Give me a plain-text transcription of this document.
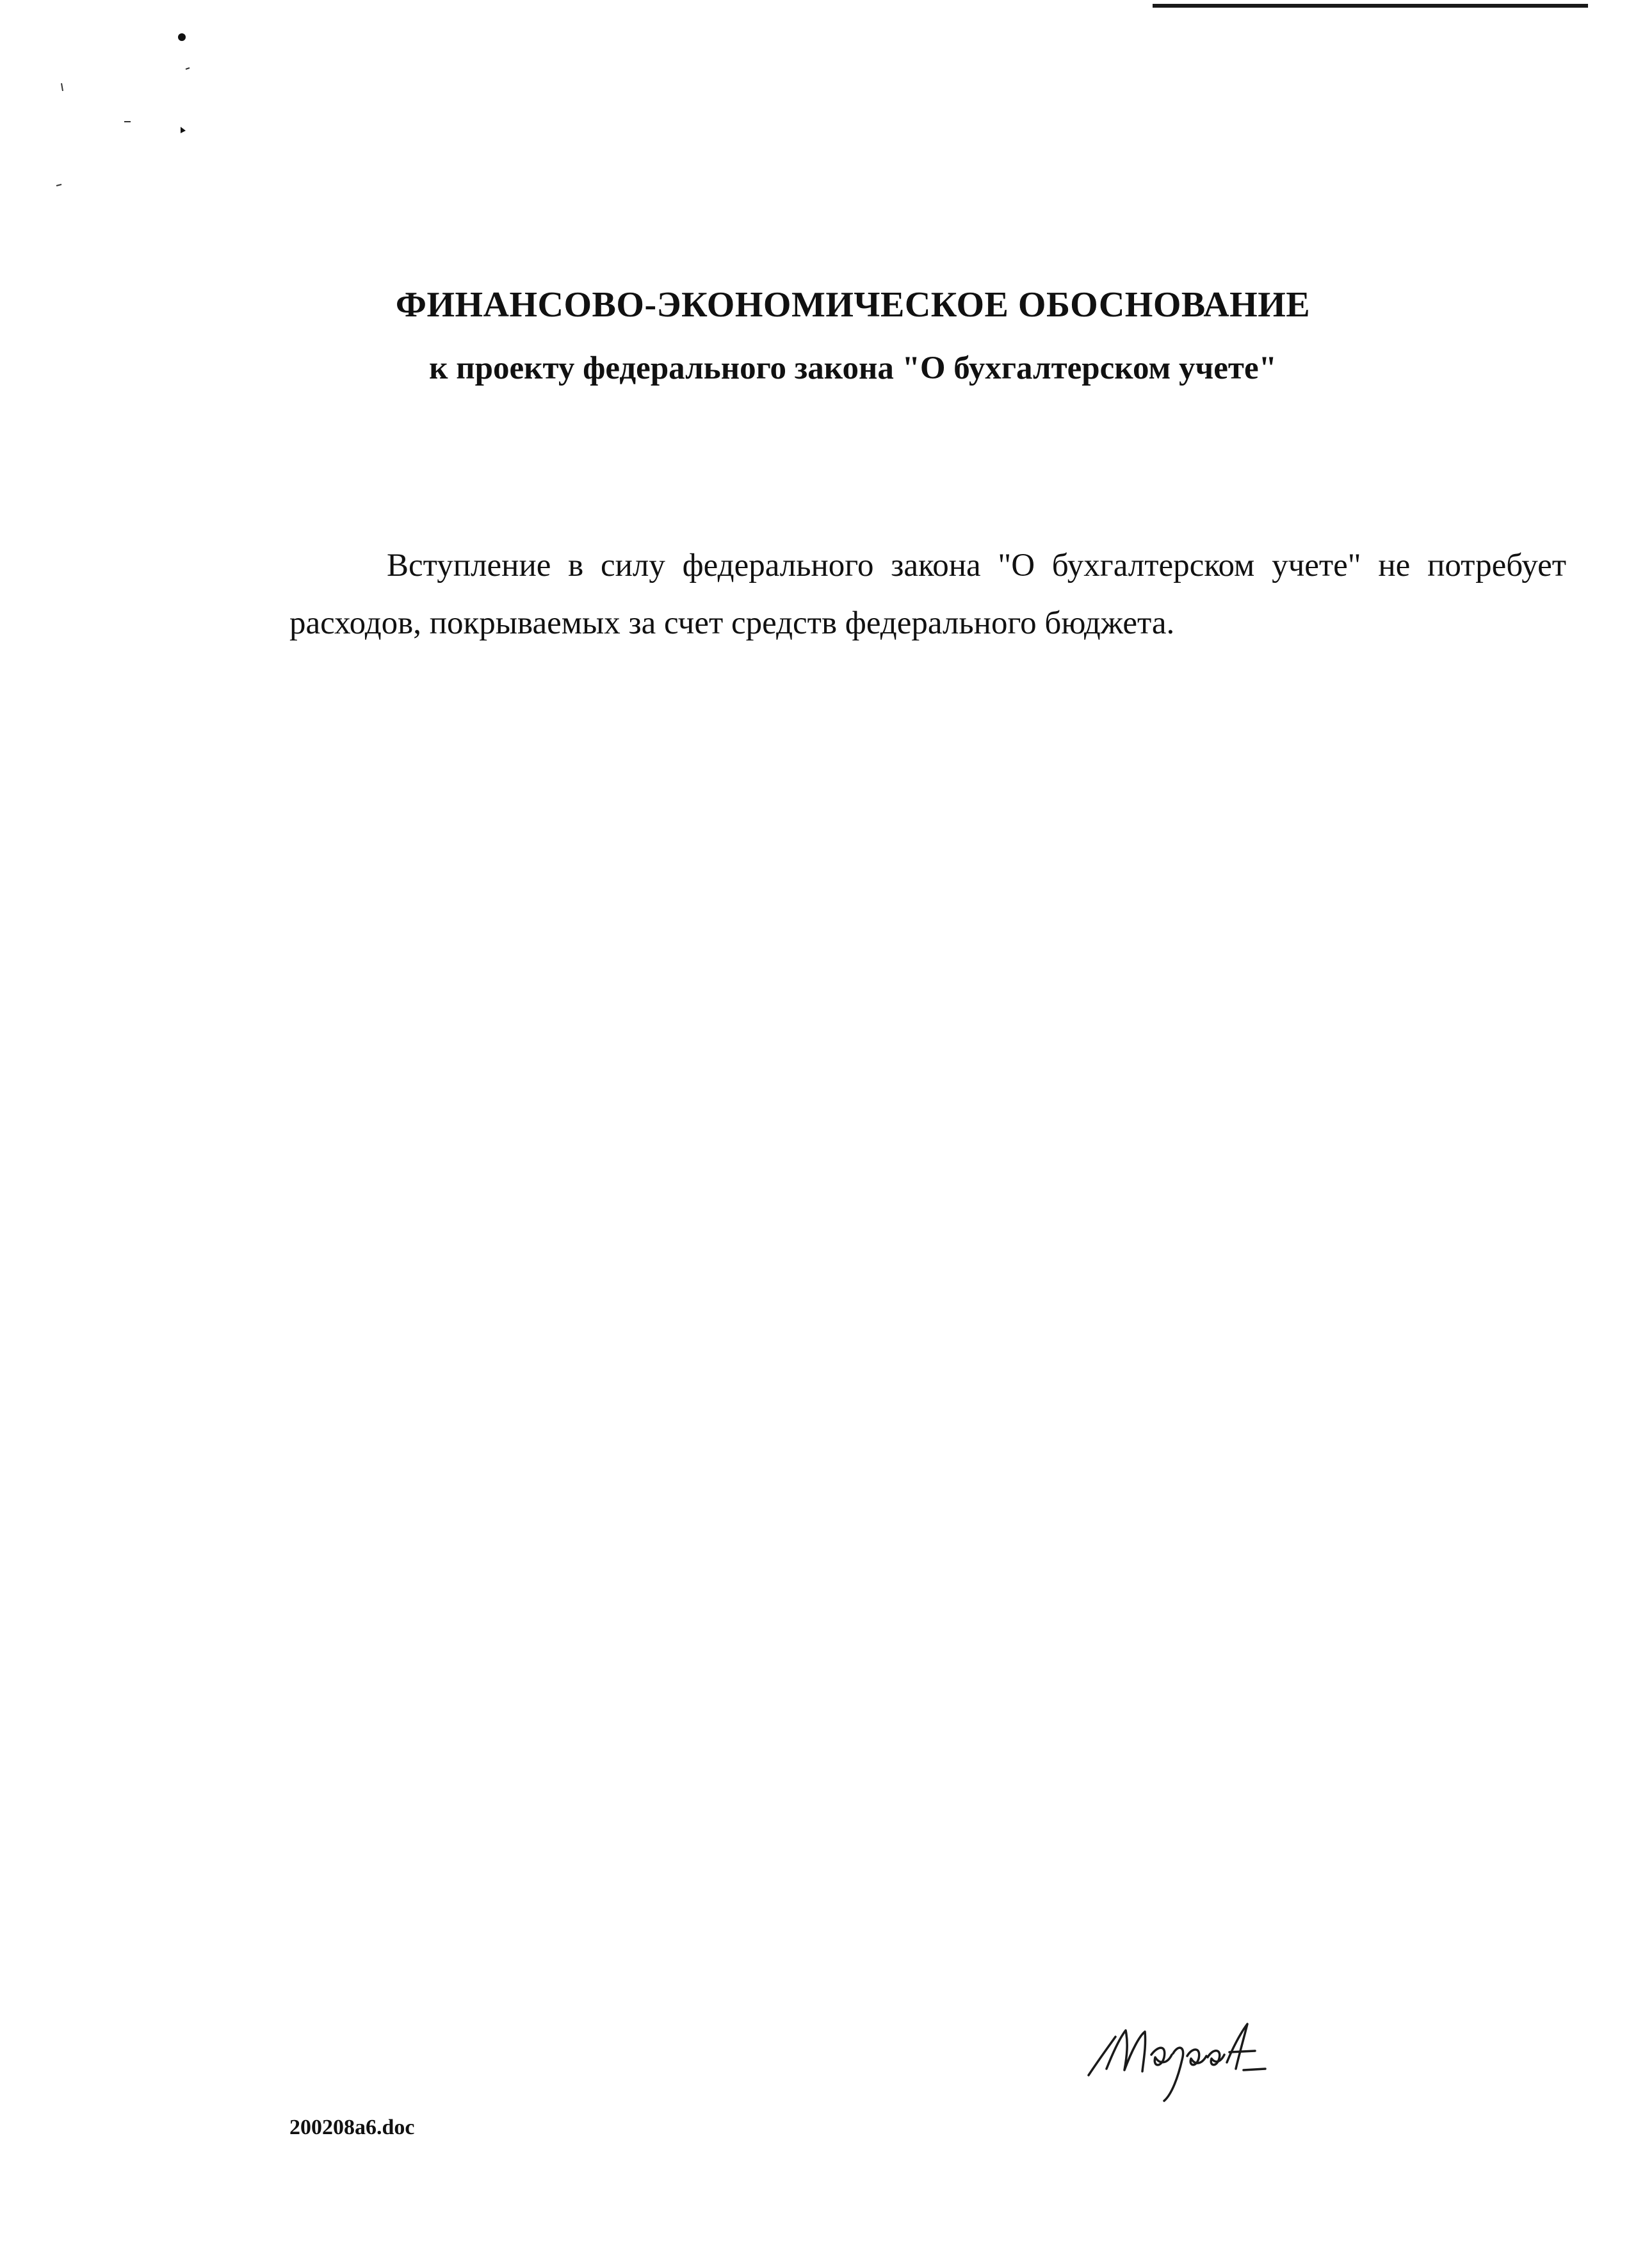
ФИНАНСОВО-ЭКОНОМИЧЕСКОЕ ОБОСНОВАНИЕ
к проекту федерального закона "О бухгалтерском учете"
Вступление в силу федерального закона "О бухгалтерском учете" не потребует расходов, покрываемых за счет средств федерального бюджета.
200208а6.doc
